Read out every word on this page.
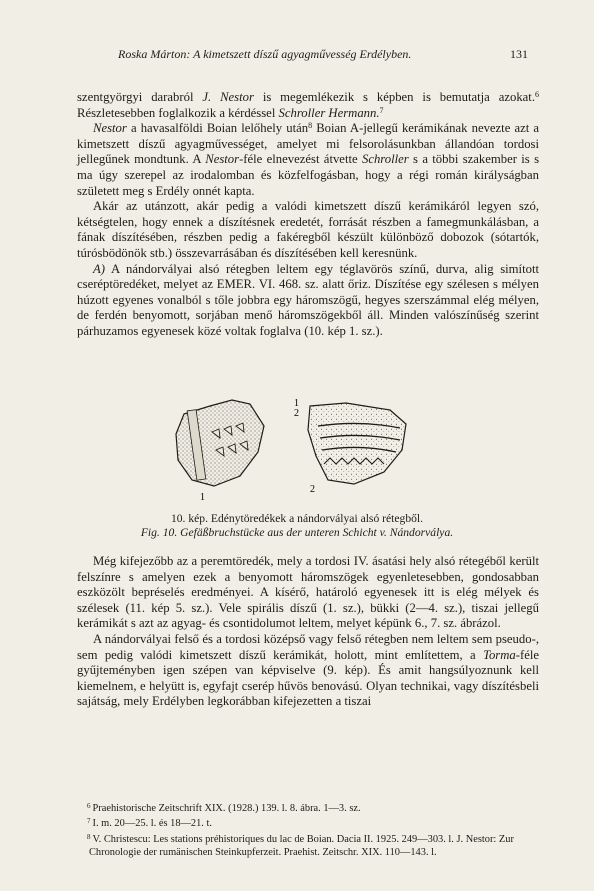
Roska Márton: A kimetszett díszű agyagművesség Erdélyben.	131

szentgyörgyi darabról J. Nestor is megemlékezik s képben is bemutatja azokat.$^6$ Részletesebben foglalkozik a kérdéssel Schroller Hermann.$^7$

Nestor a havasalföldi Boian lelőhely után$^8$ Boian A-jellegű kerámikának nevezte azt a kimetszett díszű agyagművességet, amelyet mi felsorolásunkban állandóan tordosi jellegűnek mondtunk. A Nestor-féle elnevezést átvette Schroller s a többi szakember is s ma úgy szerepel az irodalomban és közfelfogásban, hogy a régi román királyságban született meg s Erdély onnét kapta.

Akár az utánzott, akár pedig a valódi kimetszett díszű kerámikáról legyen szó, kétségtelen, hogy ennek a díszítésnek eredetét, forrását részben a famegmunkálásban, a fának díszítésében, részben pedig a fakéregből készült különböző dobozok (sótartók, túrósbödönök stb.) összevarrásában és díszítésében kell keresnünk.

A) A nándorvályai alsó rétegben leltem egy téglavörös színű, durva, alig simított cseréptöredéket, melyet az EMER. VI. 468. sz. alatt őriz. Díszítése egy szélesen s mélyen húzott egyenes vonalból s tőle jobbra egy háromszögű, hegyes szerszámmal elég mélyen, de ferdén benyomott, sorjában menő háromszögekből áll. Minden valószínűség szerint párhuzamos egyenesek közé voltak foglalva (10. kép 1. sz.).

1
2
1
2
10. kép. Edénytöredékek a nándorvályai alsó rétegből.
Fig. 10. Gefäßbruchstücke aus der unteren Schicht v. Nándorválya.

Még kifejezőbb az a peremtöredék, mely a tordosi IV. ásatási hely alsó rétegéből került felszínre s amelyen ezek a benyomott háromszögek egyenletesebben, gondosabban eszközölt bepréselés eredményei. A kísérő, határoló egyenesek itt is elég mélyek és szélesek (11. kép 5. sz.). Vele spirális díszű (1. sz.), bükki (2—4. sz.), tiszai jellegű kerámikát s azt az agyag- és csontidolumot leltem, melyet képünk 6., 7. sz. ábrázol.

A nándorvályai felső és a tordosi középső vagy felső rétegben nem leltem sem pseudo-, sem pedig valódi kimetszett díszű kerámikát, holott, mint említettem, a Torma-féle gyűjteményben igen szépen van képviselve (9. kép). És amit hangsúlyoznunk kell kiemelnem, e helyütt is, egyfajt cserép hűvös benovású. Olyan technikai, vagy díszítésbeli sajátság, mely Erdélyben legkorábban kifejezetten a tiszai

$^6$ Praehistorische Zeitschrift XIX. (1928.) 139. l. 8. ábra. 1—3. sz.

$^7$ I. m. 20—25. l. és 18—21. t.

$^8$ V. Christescu: Les stations préhistoriques du lac de Boian. Dacia II. 1925. 249—303. l. J. Nestor: Zur Chronologie der rumänischen Steinkupferzeit. Praehist. Zeitschr. XIX. 110—143. l.
